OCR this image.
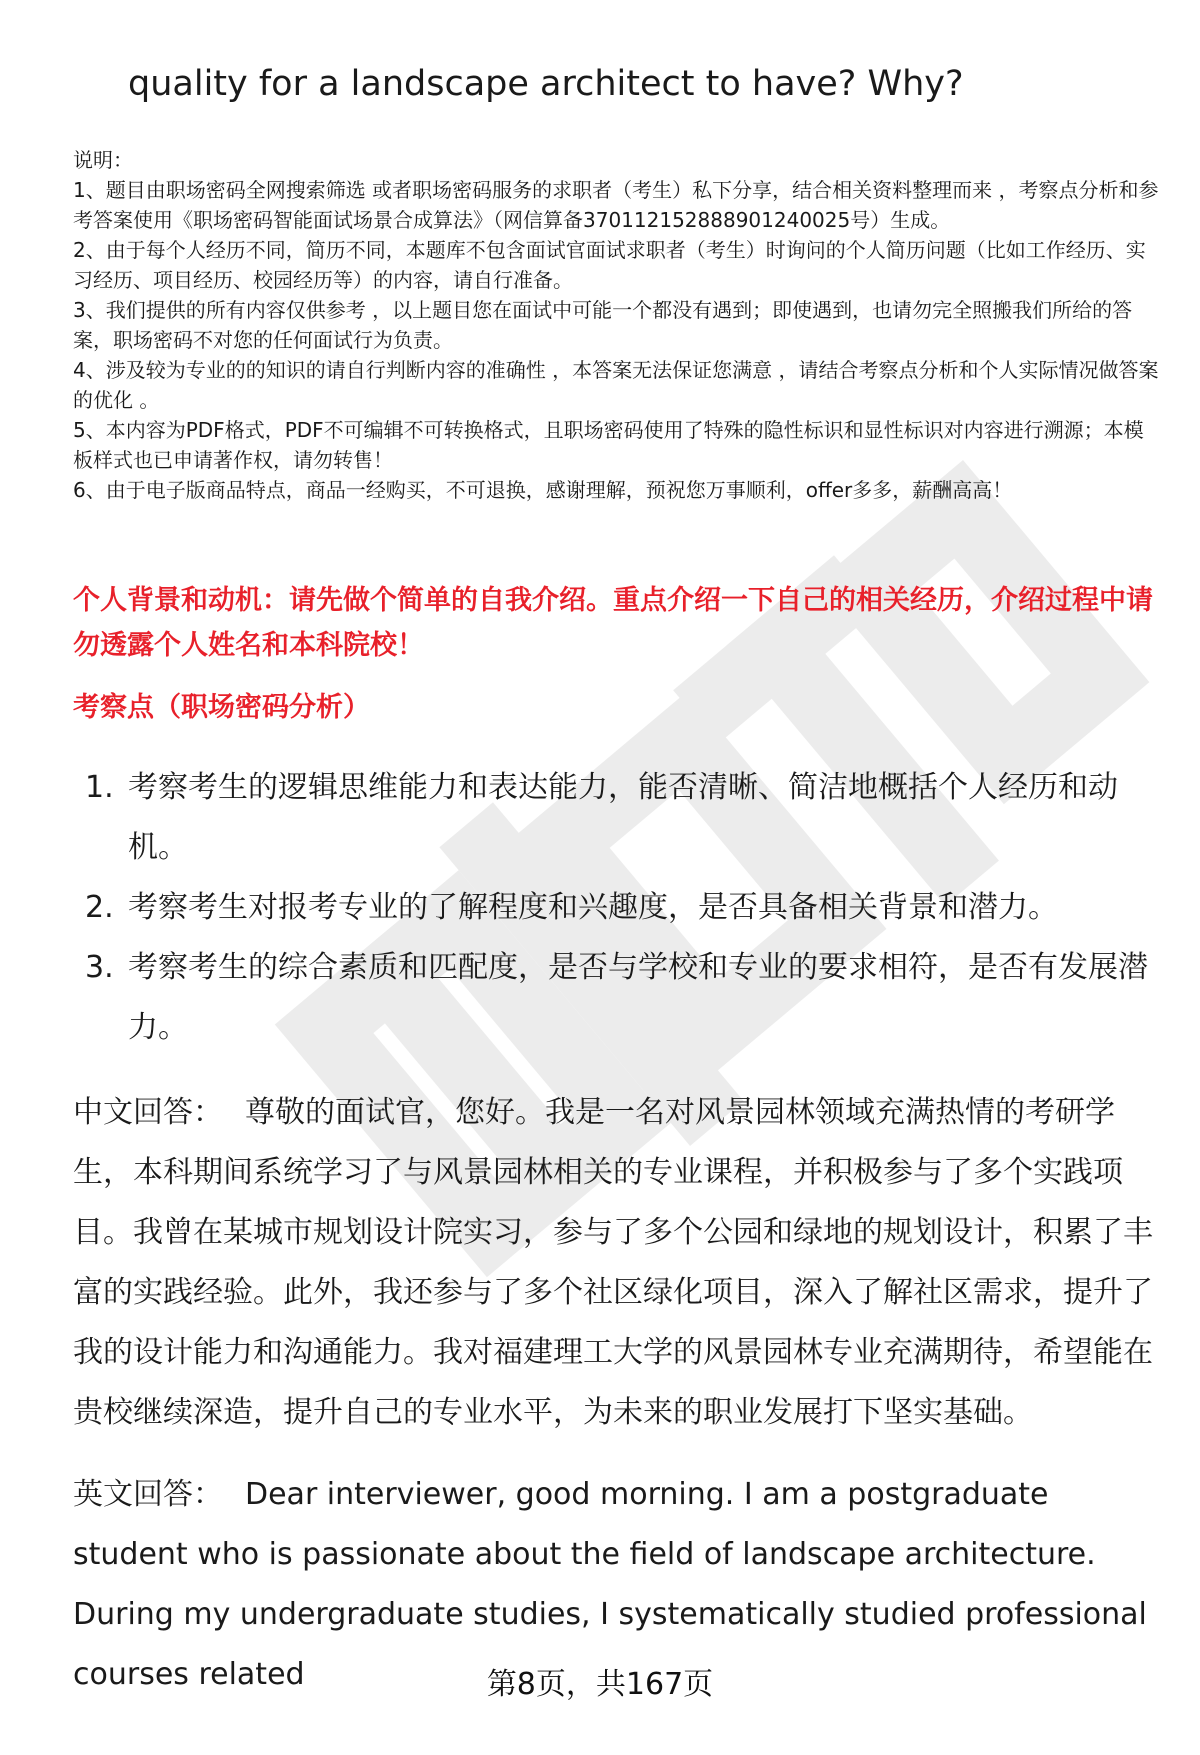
quality for a landscape architect to have? Why?

说明：

1、题目由职场密码全网搜索筛选 或者职场密码服务的求职者（考生）私下分享，结合相关资料整理而来 ，考察点分析和参考答案使用《职场密码智能面试场景合成算法》（网信算备370112152888901240025号）生成。

2、由于每个人经历不同，简历不同，本题库不包含面试官面试求职者（考生）时询问的个人简历问题（比如工作经历、实习经历、项目经历、校园经历等）的内容，请自行准备。

3、我们提供的所有内容仅供参考 ，以上题目您在面试中可能一个都没有遇到；即使遇到，也请勿完全照搬我们所给的答案，职场密码不对您的任何面试行为负责。

4、涉及较为专业的的知识的请自行判断内容的准确性 ，本答案无法保证您满意 ，请结合考察点分析和个人实际情况做答案的优化 。

5、本内容为PDF格式，PDF不可编辑不可转换格式，且职场密码使用了特殊的隐性标识和显性标识对内容进行溯源；本模板样式也已申请著作权，请勿转售！

6、由于电子版商品特点，商品一经购买，不可退换，感谢理解，预祝您万事顺利，offer多多，薪酬高高！

个人背景和动机：请先做个简单的自我介绍。重点介绍一下自己的相关经历，介绍过程中请勿透露个人姓名和本科院校！
考察点（职场密码分析）
1. 考察考生的逻辑思维能力和表达能力，能否清晰、简洁地概括个人经历和动机。
2. 考察考生对报考专业的了解程度和兴趣度，是否具备相关背景和潜力。
3. 考察考生的综合素质和匹配度，是否与学校和专业的要求相符，是否有发展潜力。

中文回答： 尊敬的面试官，您好。我是一名对风景园林领域充满热情的考研学生，本科期间系统学习了与风景园林相关的专业课程，并积极参与了多个实践项目。我曾在某城市规划设计院实习，参与了多个公园和绿地的规划设计，积累了丰富的实践经验。此外，我还参与了多个社区绿化项目，深入了解社区需求，提升了我的设计能力和沟通能力。我对福建理工大学的风景园林专业充满期待，希望能在贵校继续深造，提升自己的专业水平，为未来的职业发展打下坚实基础。

英文回答： Dear interviewer, good morning. I am a postgraduate student who is passionate about the field of landscape architecture. During my undergraduate studies, I systematically studied professional courses related	第8页，共167页
